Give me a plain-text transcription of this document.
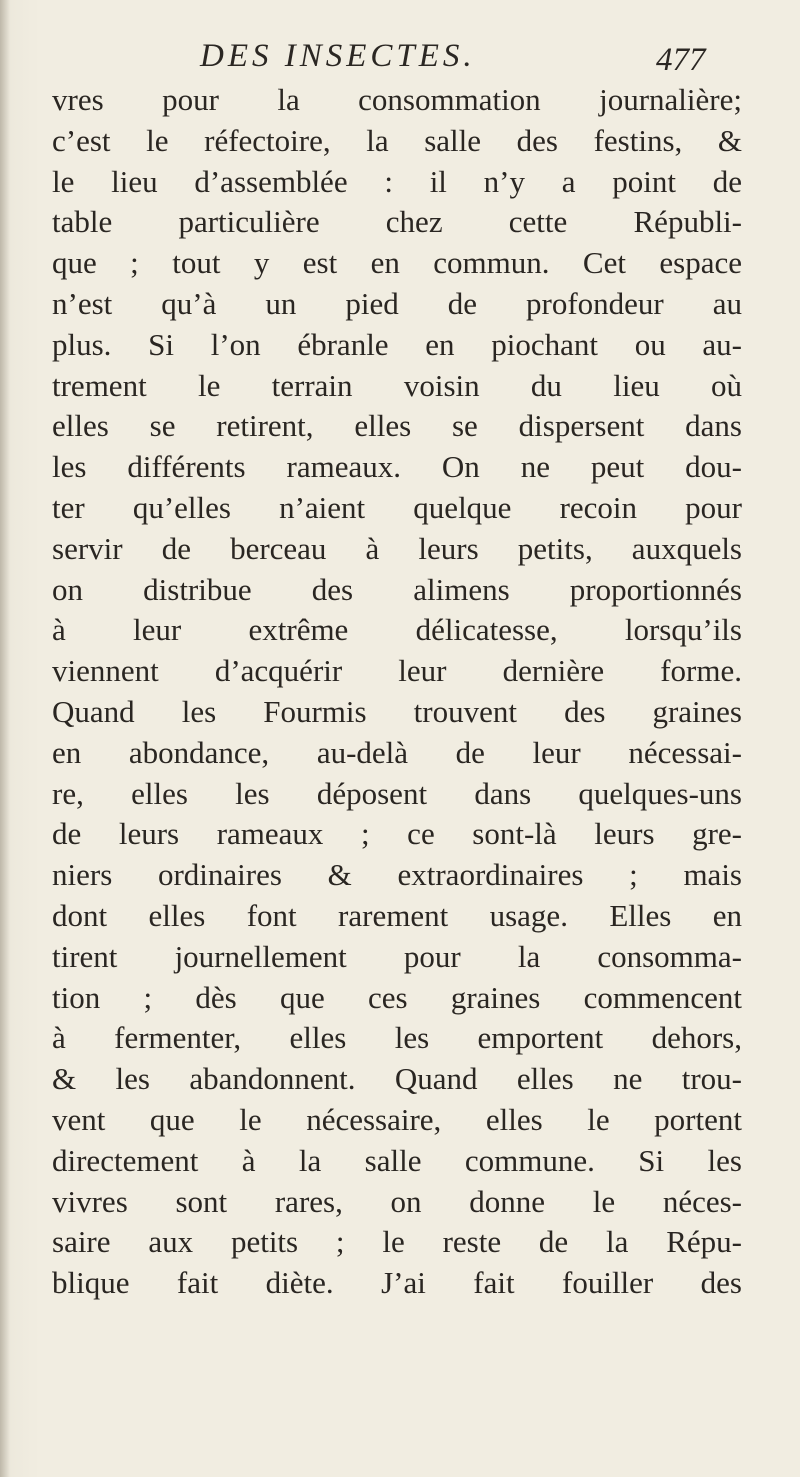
DES INSECTES.	477
vres pour la consommation journalière;
c’est le réfectoire, la salle des festins, &
le lieu d’assemblée : il n’y a point de
table particulière chez cette Républi-
que ; tout y est en commun. Cet espace
n’est qu’à un pied de profondeur au
plus. Si l’on ébranle en piochant ou au-
trement le terrain voisin du lieu où
elles se retirent, elles se dispersent dans
les différents rameaux. On ne peut dou-
ter qu’elles n’aient quelque recoin pour
servir de berceau à leurs petits, auxquels
on distribue des alimens proportionnés
à leur extrême délicatesse, lorsqu’ils
viennent d’acquérir leur dernière forme.
Quand les Fourmis trouvent des graines
en abondance, au-delà de leur nécessai-
re, elles les déposent dans quelques-uns
de leurs rameaux ; ce sont-là leurs gre-
niers ordinaires & extraordinaires ; mais
dont elles font rarement usage. Elles en
tirent journellement pour la consomma-
tion ; dès que ces graines commencent
à fermenter, elles les emportent dehors,
& les abandonnent. Quand elles ne trou-
vent que le nécessaire, elles le portent
directement à la salle commune. Si les
vivres sont rares, on donne le néces-
saire aux petits ; le reste de la Répu-
blique fait diète. J’ai fait fouiller des
